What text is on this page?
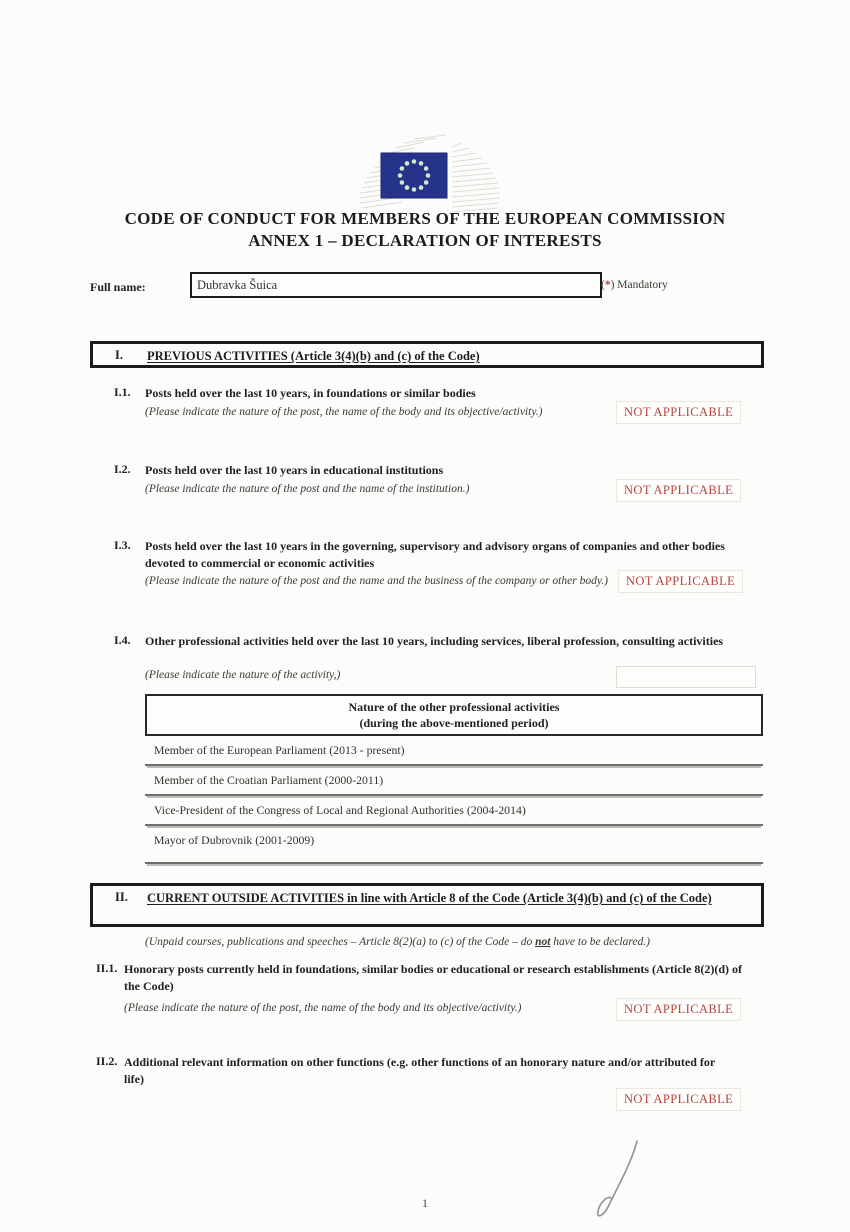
CODE OF CONDUCT FOR MEMBERS OF THE EUROPEAN COMMISSION
ANNEX 1 – DECLARATION OF INTERESTS
Full name:
Dubravka Šuica	(*) Mandatory
I. PREVIOUS ACTIVITIES (Article 3(4)(b) and (c) of the Code)
I.1. Posts held over the last 10 years, in foundations or similar bodies
(Please indicate the nature of the post, the name of the body and its objective/activity.)	NOT APPLICABLE
I.2. Posts held over the last 10 years in educational institutions
(Please indicate the nature of the post and the name of the institution.)	NOT APPLICABLE
I.3. Posts held over the last 10 years in the governing, supervisory and advisory organs of companies and other bodies devoted to commercial or economic activities
(Please indicate the nature of the post and the name and the business of the company or other body.)	NOT APPLICABLE
I.4. Other professional activities held over the last 10 years, including services, liberal profession, consulting activities
(Please indicate the nature of the activity,)
Nature of the other professional activities
(during the above-mentioned period)
Member of the European Parliament (2013 - present)
Member of the Croatian Parliament (2000-2011)
Vice-President of the Congress of Local and Regional Authorities (2004-2014)
Mayor of Dubrovnik (2001-2009)
II. CURRENT OUTSIDE ACTIVITIES in line with Article 8 of the Code (Article 3(4)(b) and (c) of the Code)
(Unpaid courses, publications and speeches – Article 8(2)(a) to (c) of the Code – do not have to be declared.)
II.1. Honorary posts currently held in foundations, similar bodies or educational or research establishments (Article 8(2)(d) of the Code)
(Please indicate the nature of the post, the name of the body and its objective/activity.)	NOT APPLICABLE
II.2. Additional relevant information on other functions (e.g. other functions of an honorary nature and/or attributed for life)
NOT APPLICABLE
1
